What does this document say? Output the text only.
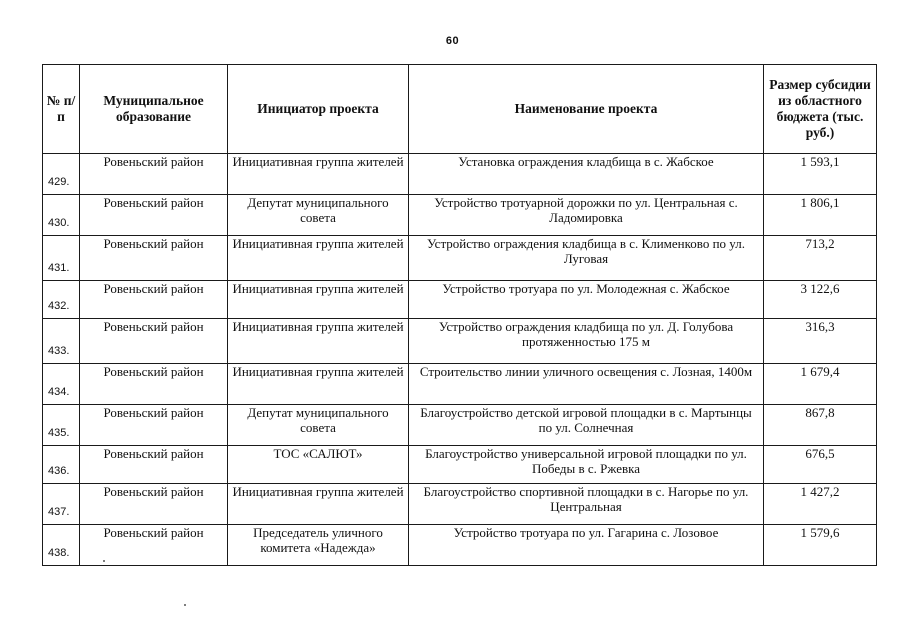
60
№ п/п	Муниципальное образование	Инициатор проекта	Наименование проекта	Размер субсидии из областного бюджета (тыс. руб.)
429.	Ровеньский район	Инициативная группа жителей	Установка ограждения кладбища в с. Жабское	1 593,1
430.	Ровеньский район	Депутат муниципального совета	Устройство тротуарной дорожки по ул. Центральная с. Ладомировка	1 806,1
431.	Ровеньский район	Инициативная группа жителей	Устройство ограждения кладбища в с. Клименково по ул. Луговая	713,2
432.	Ровеньский район	Инициативная группа жителей	Устройство тротуара по ул. Молодежная с. Жабское	3 122,6
433.	Ровеньский район	Инициативная группа жителей	Устройство ограждения кладбища по ул. Д. Голубова протяженностью 175 м	316,3
434.	Ровеньский район	Инициативная группа жителей	Строительство линии уличного освещения с. Лозная, 1400м	1 679,4
435.	Ровеньский район	Депутат муниципального совета	Благоустройство детской игровой площадки в с. Мартынцы по ул. Солнечная	867,8
436.	Ровеньский район	ТОС «САЛЮТ»	Благоустройство универсальной игровой площадки по ул. Победы в с. Ржевка	676,5
437.	Ровеньский район	Инициативная группа жителей	Благоустройство спортивной площадки в с. Нагорье по ул. Центральная	1 427,2
438.	Ровеньский район	Председатель уличного комитета «Надежда»	Устройство тротуара по ул. Гагарина с. Лозовое	1 579,6
